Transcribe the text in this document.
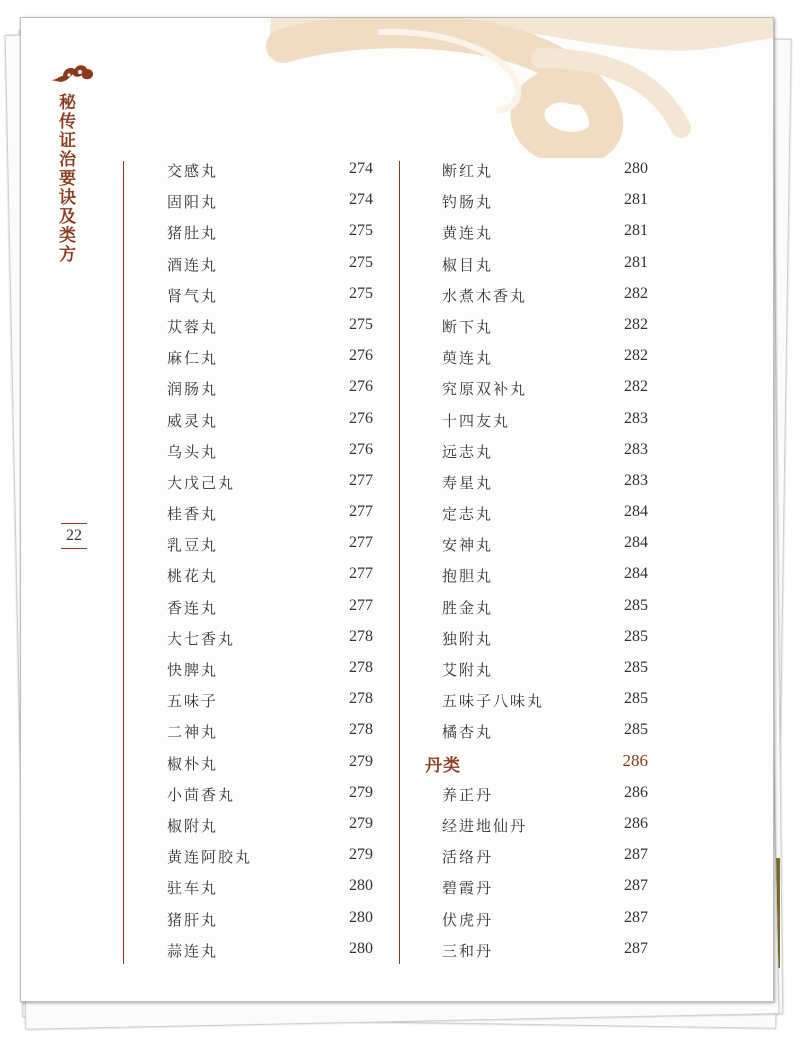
秘传证治要诀及类方
22
交感丸	274
固阳丸	274
猪肚丸	275
酒连丸	275
肾气丸	275
苁蓉丸	275
麻仁丸	276
润肠丸	276
威灵丸	276
乌头丸	276
大戊己丸	277
桂香丸	277
乳豆丸	277
桃花丸	277
香连丸	277
大七香丸	278
快脾丸	278
五味子	278
二神丸	278
椒朴丸	279
小茴香丸	279
椒附丸	279
黄连阿胶丸	279
驻车丸	280
猪肝丸	280
蒜连丸	280
断红丸	280
钓肠丸	281
黄连丸	281
椒目丸	281
水煮木香丸	282
断下丸	282
萸连丸	282
究原双补丸	282
十四友丸	283
远志丸	283
寿星丸	283
定志丸	284
安神丸	284
抱胆丸	284
胜金丸	285
独附丸	285
艾附丸	285
五味子八味丸	285
橘杏丸	285
丹类	286
养正丹	286
经进地仙丹	286
活络丹	287
碧霞丹	287
伏虎丹	287
三和丹	287
